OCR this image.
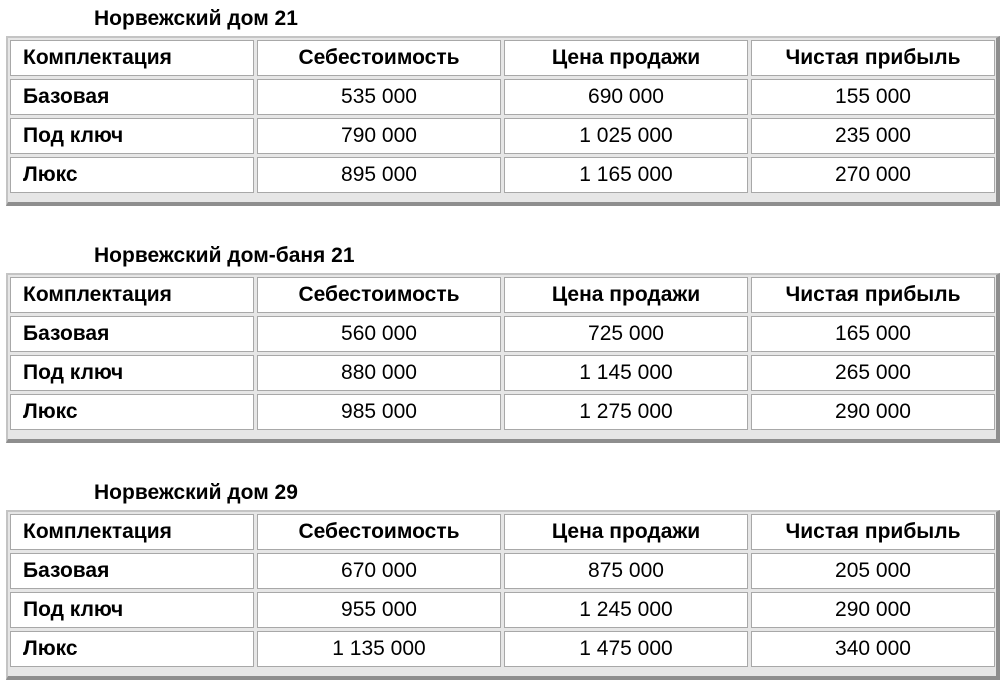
Норвежский дом 21
Комплектация	Себестоимость	Цена продажи	Чистая прибыль
Базовая	535 000	690 000	155 000
Под ключ	790 000	1 025 000	235 000
Люкс	895 000	1 165 000	270 000
Норвежский дом-баня 21
Комплектация	Себестоимость	Цена продажи	Чистая прибыль
Базовая	560 000	725 000	165 000
Под ключ	880 000	1 145 000	265 000
Люкс	985 000	1 275 000	290 000
Норвежский дом 29
Комплектация	Себестоимость	Цена продажи	Чистая прибыль
Базовая	670 000	875 000	205 000
Под ключ	955 000	1 245 000	290 000
Люкс	1 135 000	1 475 000	340 000
